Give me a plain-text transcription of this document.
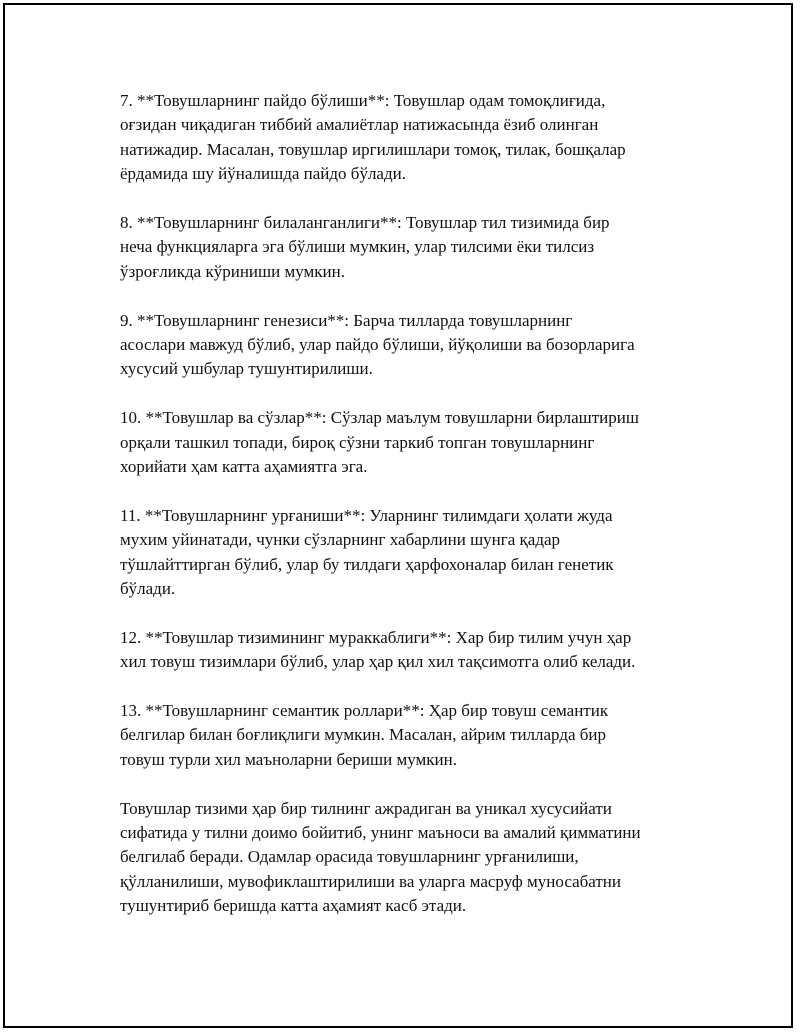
7. **Товушларнинг пайдо бўлиши**: Товушлар одам томоқлиғида,
оғзидан чиқадиган тиббий амалиётлар натижасында ёзиб олинган
натижадир. Масалан, товушлар иргилишлари томоқ, тилак, бошқалар
ёрдамида шу йўналишда пайдо бўлади.

8. **Товушларнинг билаланганлиги**: Товушлар тил тизимида бир
неча функцияларга эга бўлиши мумкин, улар тилсими ёки тилсиз
ўзроғликда кўриниши мумкин.

9. **Товушларнинг генезиси**: Барча тилларда товушларнинг
асослари мавжуд бўлиб, улар пайдо бўлиши, йўқолиши ва бозорларига
хусусий ушбулар тушунтирилиши.

10. **Товушлар ва сўзлар**: Сўзлар маълум товушларни бирлаштириш
орқали ташкил топади, бироқ сўзни таркиб топган товушларнинг
хорийати ҳам катта аҳамиятга эга.

11. **Товушларнинг урғаниши**: Уларнинг тилимдаги ҳолати жуда
мухим уйинатади, чунки сўзларнинг хабарлини шунга қадар
тўшлайттирган бўлиб, улар бу тилдаги ҳарфохоналар билан генетик
бўлади.

12. **Товушлар тизимининг мураккаблиги**: Хар бир тилим учун ҳар
хил товуш тизимлари бўлиб, улар ҳар қил хил тақсимотга олиб келади.

13. **Товушларнинг семантик роллари**: Ҳар бир товуш семантик
белгилар билан боғлиқлиги мумкин. Масалан, айрим тилларда бир
товуш турли хил маъноларни бериши мумкин.

Товушлар тизими ҳар бир тилнинг ажрадиган ва уникал хусусийати
сифатида у тилни доимо бойитиб, унинг маъноси ва амалий қимматини
белгилаб беради. Одамлар орасида товушларнинг урғанилиши,
қўлланилиши, мувофиклаштирилиши ва уларга масруф муносабатни
тушунтириб беришда катта аҳамият касб этади.
